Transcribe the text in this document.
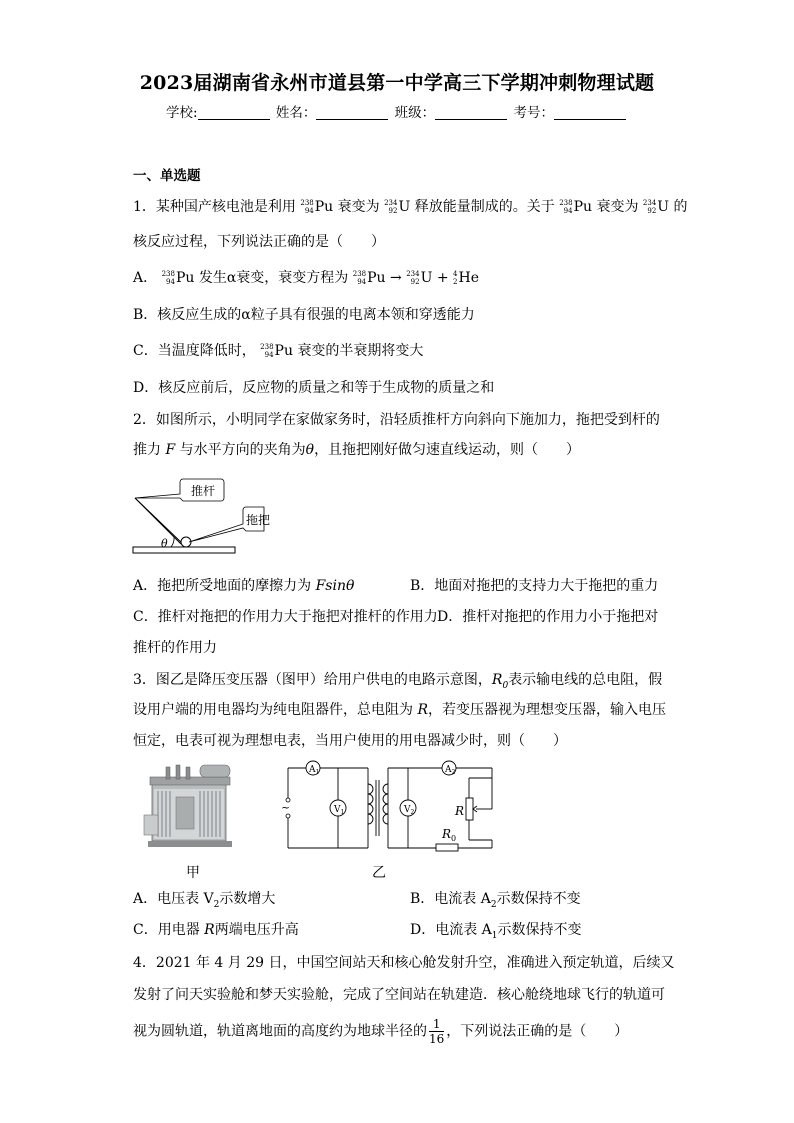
2023届湖南省永州市道县第一中学高三下学期冲刺物理试题
学校:	姓名：	班级：	考号：
一、单选题
1．某种国产核电池是利用 238
94 Pu 衰变为 234
92 U 释放能量制成的。关于 238
94 Pu 衰变为 234
92 U 的
核反应过程，下列说法正确的是（　　）
A． 238
94 Pu 发生α衰变，衰变方程为 238
94 Pu → 234
92 U + 4
2 He
B．核反应生成的α粒子具有很强的电离本领和穿透能力
C．当温度降低时， 238
94 Pu 衰变的半衰期将变大
D．核反应前后，反应物的质量之和等于生成物的质量之和
2．如图所示，小明同学在家做家务时，沿轻质推杆方向斜向下施加力，拖把受到杆的
推力 F 与水平方向的夹角为θ，且拖把刚好做匀速直线运动，则（　　）
θ
推杆
拖把
A．拖把所受地面的摩擦力为 Fsinθ	B．地面对拖把的支持力大于拖把的重力
C．推杆对拖把的作用力大于拖把对推杆的作用力 D．推杆对拖把的作用力小于拖把对
推杆的作用力
3．图乙是降压变压器（图甲）给用户供电的电路示意图，$R_0$表示输电线的总电阻，假
设用户端的用电器均为纯电阻器件，总电阻为 R，若变压器视为理想变压器，输入电压
恒定，电表可视为理想电表，当用户使用的用电器减少时，则（　　）
甲
~
$A_1$
$V_1$
$A_2$
$V_2$	R
$R_0$
乙
A．电压表 $V_2$示数增大	B．电流表 $A_2$示数保持不变
C．用电器 R两端电压升高	D．电流表 $A_1$示数保持不变
4．2021 年 4 月 29 日，中国空间站天和核心舱发射升空，准确进入预定轨道，后续又
发射了问天实验舱和梦天实验舱，完成了空间站在轨建造．核心舱绕地球飞行的轨道可
视为圆轨道，轨道离地面的高度约为地球半径的 $\frac{1}{16}$ ，下列说法正确的是（　　）
